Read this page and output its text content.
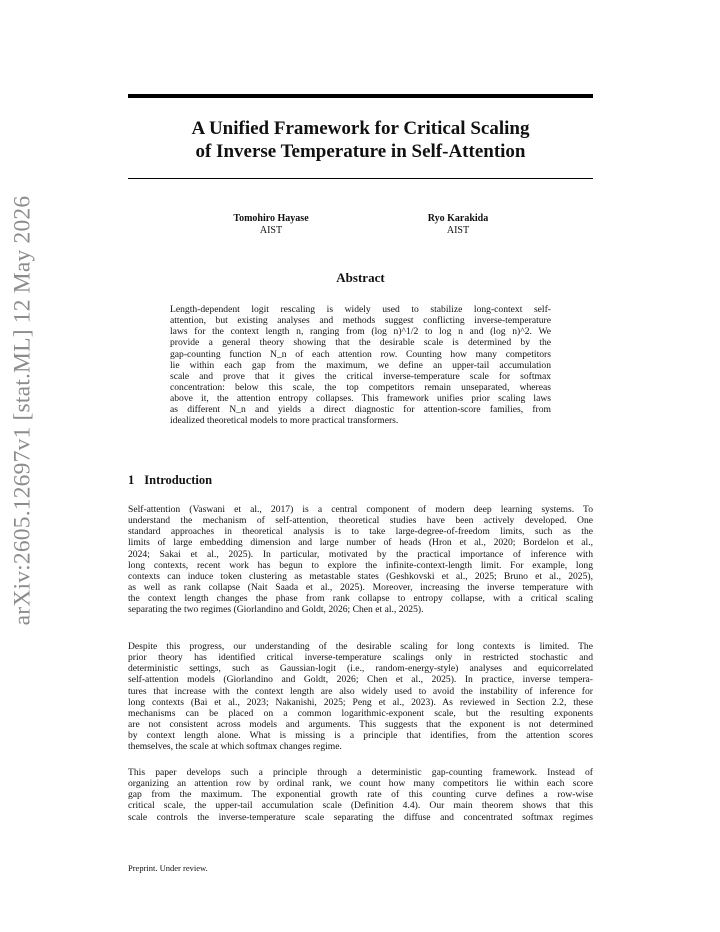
arXiv:2605.12697v1 [stat.ML] 12 May 2026
A Unified Framework for Critical Scaling
of Inverse Temperature in Self-Attention
Tomohiro Hayase
AIST
Ryo Karakida
AIST
Abstract
Length-dependent logit rescaling is widely used to stabilize long-context self-
attention, but existing analyses and methods suggest conflicting inverse-temperature
laws for the context length n, ranging from (log n)^1/2 to log n and (log n)^2. We
provide a general theory showing that the desirable scale is determined by the
gap-counting function N_n of each attention row. Counting how many competitors
lie within each gap from the maximum, we define an upper-tail accumulation
scale and prove that it gives the critical inverse-temperature scale for softmax
concentration: below this scale, the top competitors remain unseparated, whereas
above it, the attention entropy collapses. This framework unifies prior scaling laws
as different N_n and yields a direct diagnostic for attention-score families, from
idealized theoretical models to more practical transformers.
1 Introduction
Self-attention (Vaswani et al., 2017) is a central component of modern deep learning systems. To
understand the mechanism of self-attention, theoretical studies have been actively developed. One
standard approaches in theoretical analysis is to take large-degree-of-freedom limits, such as the
limits of large embedding dimension and large number of heads (Hron et al., 2020; Bordelon et al.,
2024; Sakai et al., 2025). In particular, motivated by the practical importance of inference with
long contexts, recent work has begun to explore the infinite-context-length limit. For example, long
contexts can induce token clustering as metastable states (Geshkovski et al., 2025; Bruno et al., 2025),
as well as rank collapse (Nait Saada et al., 2025). Moreover, increasing the inverse temperature with
the context length changes the phase from rank collapse to entropy collapse, with a critical scaling
separating the two regimes (Giorlandino and Goldt, 2026; Chen et al., 2025).
Despite this progress, our understanding of the desirable scaling for long contexts is limited. The
prior theory has identified critical inverse-temperature scalings only in restricted stochastic and
deterministic settings, such as Gaussian-logit (i.e., random-energy-style) analyses and equicorrelated
self-attention models (Giorlandino and Goldt, 2026; Chen et al., 2025). In practice, inverse tempera-
tures that increase with the context length are also widely used to avoid the instability of inference for
long contexts (Bai et al., 2023; Nakanishi, 2025; Peng et al., 2023). As reviewed in Section 2.2, these
mechanisms can be placed on a common logarithmic-exponent scale, but the resulting exponents
are not consistent across models and arguments. This suggests that the exponent is not determined
by context length alone. What is missing is a principle that identifies, from the attention scores
themselves, the scale at which softmax changes regime.
This paper develops such a principle through a deterministic gap-counting framework. Instead of
organizing an attention row by ordinal rank, we count how many competitors lie within each score
gap from the maximum. The exponential growth rate of this counting curve defines a row-wise
critical scale, the upper-tail accumulation scale (Definition 4.4). Our main theorem shows that this
scale controls the inverse-temperature scale separating the diffuse and concentrated softmax regimes
Preprint. Under review.
